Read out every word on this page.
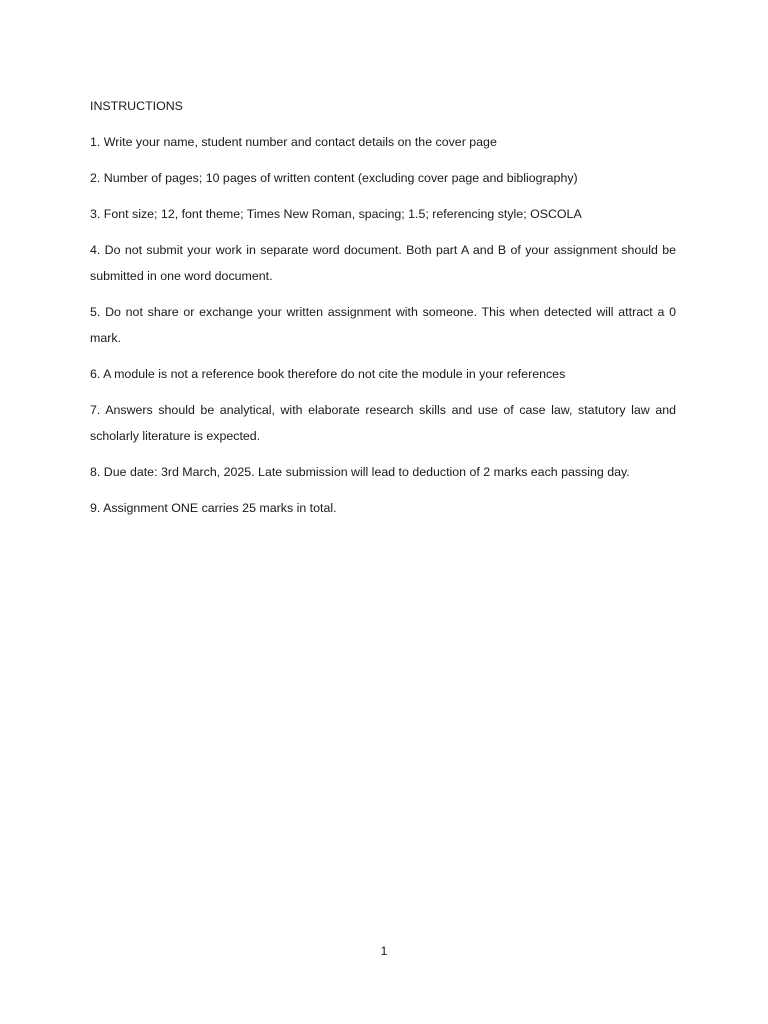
INSTRUCTIONS
1. Write your name, student number and contact details on the cover page
2. Number of pages; 10 pages of written content (excluding cover page and bibliography)
3. Font size; 12, font theme; Times New Roman, spacing; 1.5; referencing style; OSCOLA
4. Do not submit your work in separate word document. Both part A and B of your assignment should be submitted in one word document.
5. Do not share or exchange your written assignment with someone. This when detected will attract a 0 mark.
6. A module is not a reference book therefore do not cite the module in your references
7. Answers should be analytical, with elaborate research skills and use of case law, statutory law and scholarly literature is expected.
8. Due date: 3rd March, 2025. Late submission will lead to deduction of 2 marks each passing day.
9. Assignment ONE carries 25 marks in total.
1
